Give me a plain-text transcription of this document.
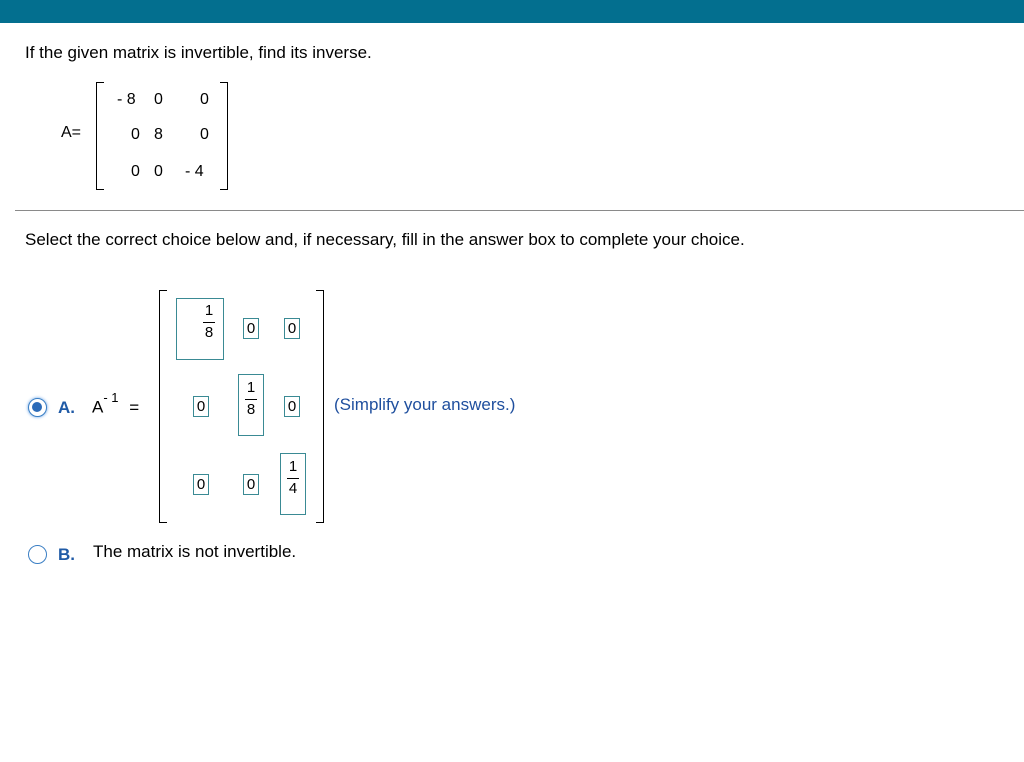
If the given matrix is invertible, find its inverse.
A=
- 8 0 0
0 8 0
0 0 - 4
Select the correct choice below and, if necessary, fill in the answer box to complete your choice.
A. $A^{- 1}$ =
1
8 0 0
0
1
8 0
0	0
1
4
(Simplify your answers.)
B. The matrix is not invertible.
